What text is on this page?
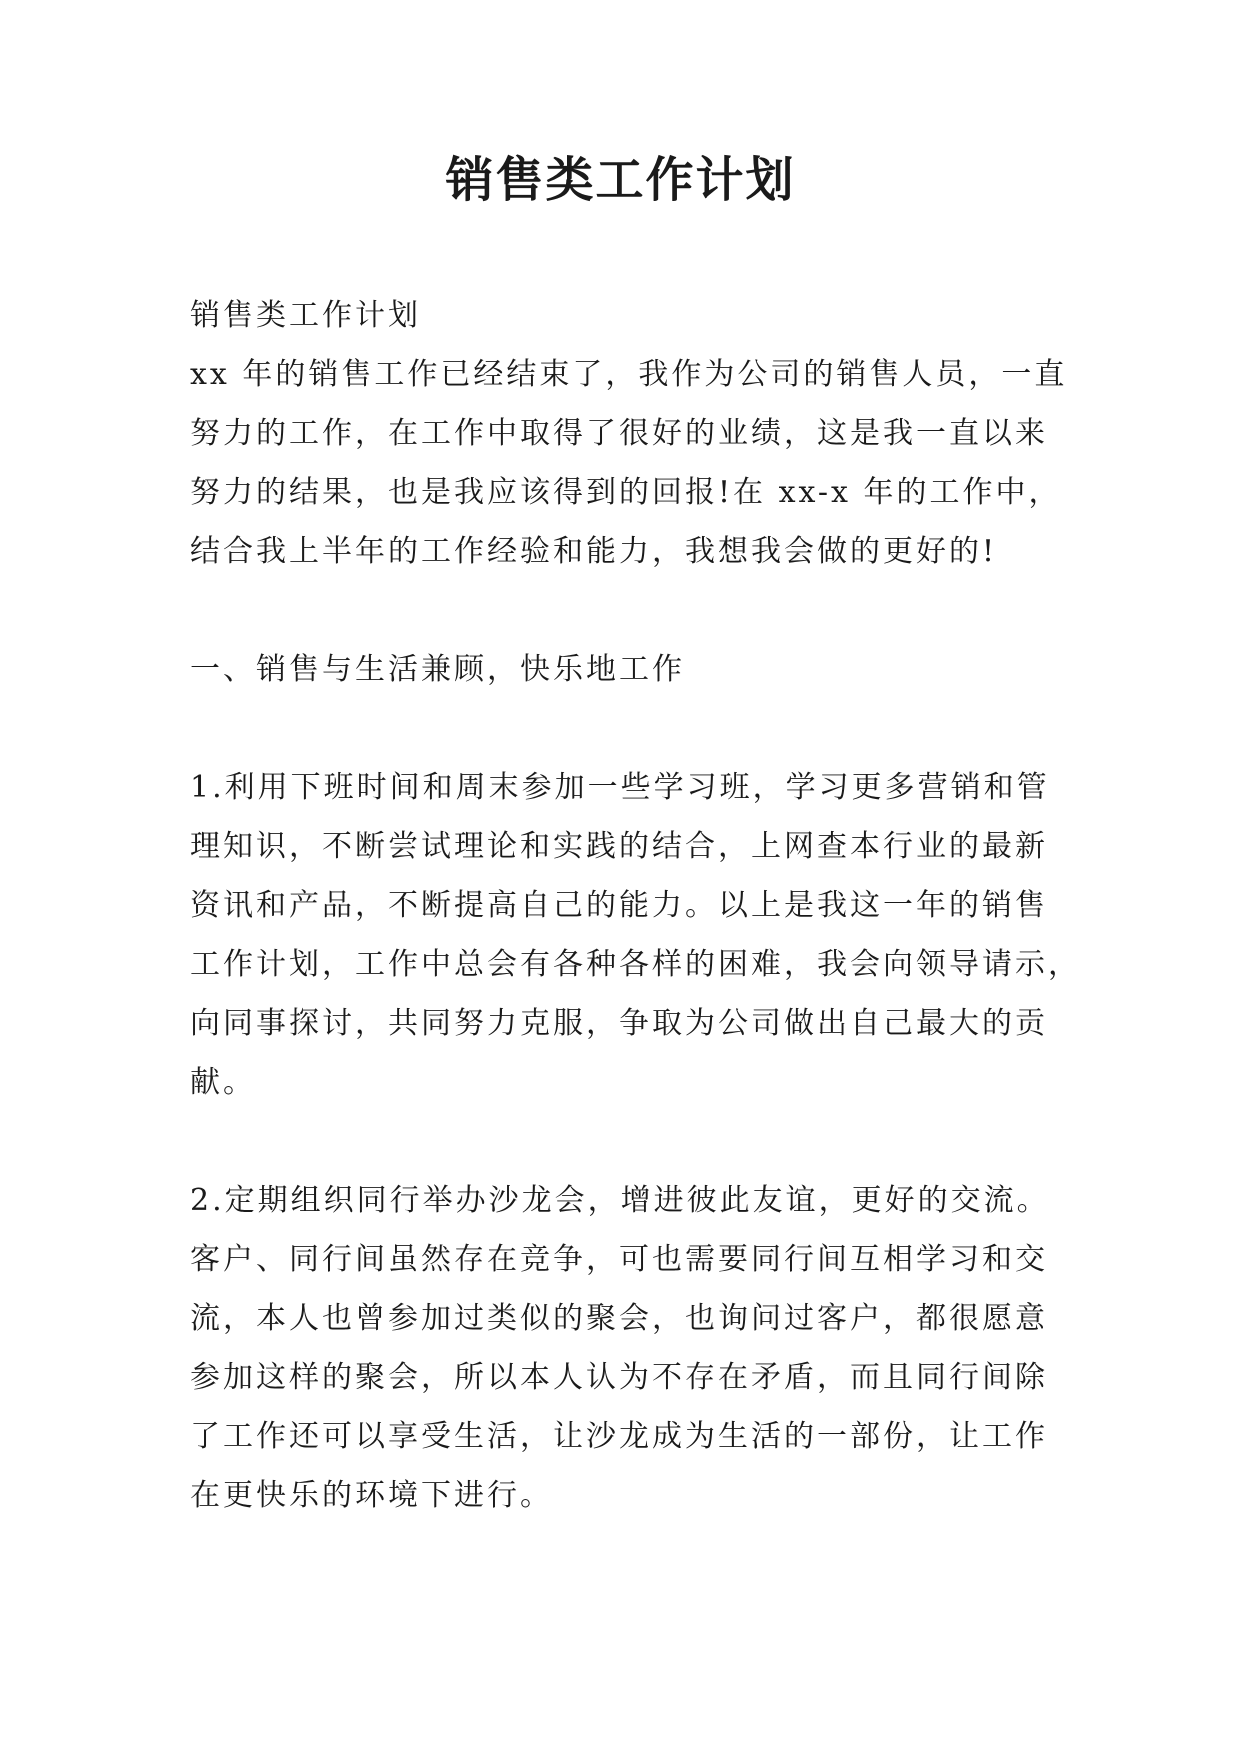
销售类工作计划

销售类工作计划

xx 年的销售工作已经结束了，我作为公司的销售人员，一直

努力的工作，在工作中取得了很好的业绩，这是我一直以来

努力的结果，也是我应该得到的回报!在 xx-x 年的工作中，

结合我上半年的工作经验和能力，我想我会做的更好的!

一、销售与生活兼顾，快乐地工作

1.利用下班时间和周末参加一些学习班，学习更多营销和管

理知识，不断尝试理论和实践的结合，上网查本行业的最新

资讯和产品，不断提高自己的能力。以上是我这一年的销售

工作计划，工作中总会有各种各样的困难，我会向领导请示，

向同事探讨，共同努力克服，争取为公司做出自己最大的贡

献。

2.定期组织同行举办沙龙会，增进彼此友谊，更好的交流。

客户、同行间虽然存在竞争，可也需要同行间互相学习和交

流，本人也曾参加过类似的聚会，也询问过客户，都很愿意

参加这样的聚会，所以本人认为不存在矛盾，而且同行间除

了工作还可以享受生活，让沙龙成为生活的一部份，让工作

在更快乐的环境下进行。
